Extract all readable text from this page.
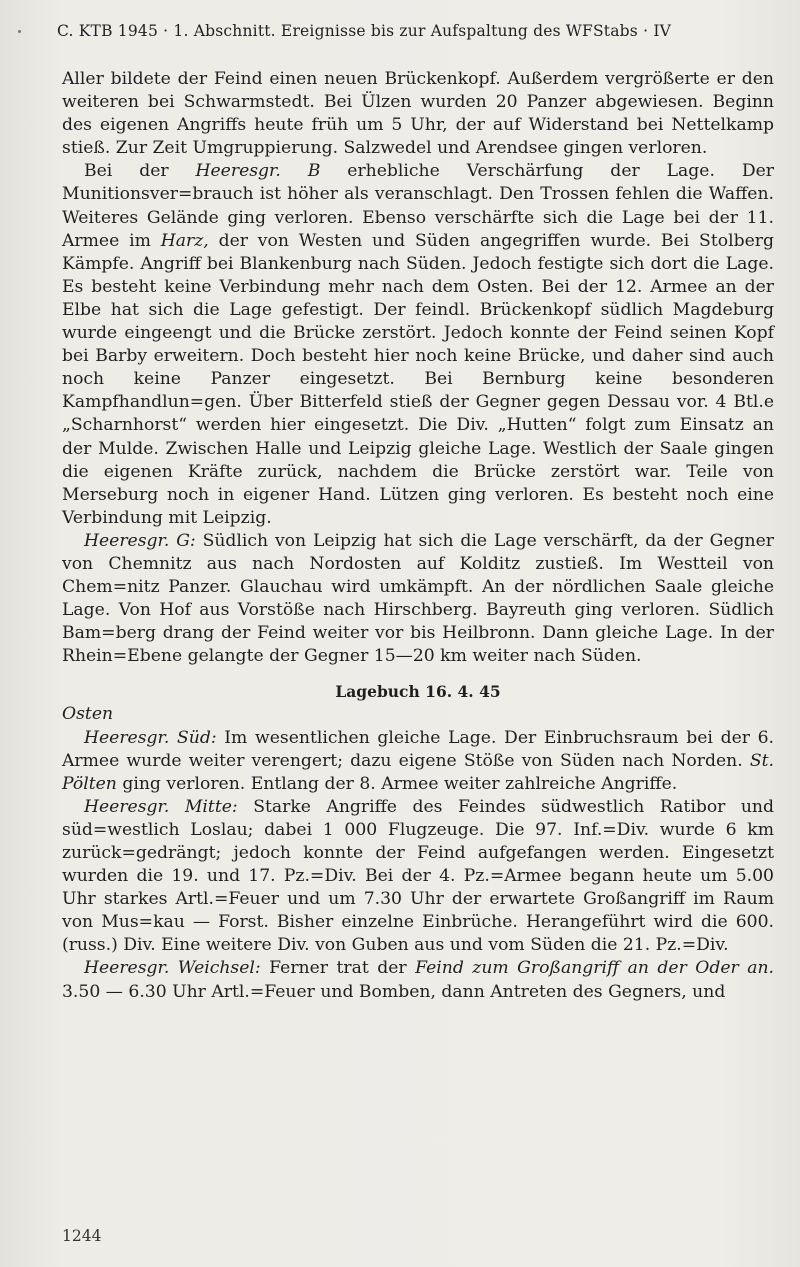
C. KTB 1945 · 1. Abschnitt. Ereignisse bis zur Aufspaltung des WFStabs · IV

Aller bildete der Feind einen neuen Brückenkopf. Außerdem vergrößerte er den weiteren bei Schwarmstedt. Bei Ülzen wurden 20 Panzer abgewiesen. Beginn des eigenen Angriffs heute früh um 5 Uhr, der auf Widerstand bei Nettelkamp stieß. Zur Zeit Umgruppierung. Salzwedel und Arendsee gingen verloren.

Bei der Heeresgr. B erhebliche Verschärfung der Lage. Der Munitionsver=brauch ist höher als veranschlagt. Den Trossen fehlen die Waffen. Weiteres Gelände ging verloren. Ebenso verschärfte sich die Lage bei der 11. Armee im Harz, der von Westen und Süden angegriffen wurde. Bei Stolberg Kämpfe. Angriff bei Blankenburg nach Süden. Jedoch festigte sich dort die Lage. Es besteht keine Verbindung mehr nach dem Osten. Bei der 12. Armee an der Elbe hat sich die Lage gefestigt. Der feindl. Brückenkopf südlich Magdeburg wurde eingeengt und die Brücke zerstört. Jedoch konnte der Feind seinen Kopf bei Barby erweitern. Doch besteht hier noch keine Brücke, und daher sind auch noch keine Panzer eingesetzt. Bei Bernburg keine besonderen Kampfhandlun=gen. Über Bitterfeld stieß der Gegner gegen Dessau vor. 4 Btl.e „Scharnhorst“ werden hier eingesetzt. Die Div. „Hutten“ folgt zum Einsatz an der Mulde. Zwischen Halle und Leipzig gleiche Lage. Westlich der Saale gingen die eigenen Kräfte zurück, nachdem die Brücke zerstört war. Teile von Merseburg noch in eigener Hand. Lützen ging verloren. Es besteht noch eine Verbindung mit Leipzig.

Heeresgr. G: Südlich von Leipzig hat sich die Lage verschärft, da der Gegner von Chemnitz aus nach Nordosten auf Kolditz zustieß. Im Westteil von Chem=nitz Panzer. Glauchau wird umkämpft. An der nördlichen Saale gleiche Lage. Von Hof aus Vorstöße nach Hirschberg. Bayreuth ging verloren. Südlich Bam=berg drang der Feind weiter vor bis Heilbronn. Dann gleiche Lage. In der Rhein=Ebene gelangte der Gegner 15—20 km weiter nach Süden.

Lagebuch 16. 4. 45
Osten

Heeresgr. Süd: Im wesentlichen gleiche Lage. Der Einbruchsraum bei der 6. Armee wurde weiter verengert; dazu eigene Stöße von Süden nach Norden. St. Pölten ging verloren. Entlang der 8. Armee weiter zahlreiche Angriffe.

Heeresgr. Mitte: Starke Angriffe des Feindes südwestlich Ratibor und süd=westlich Loslau; dabei 1 000 Flugzeuge. Die 97. Inf.=Div. wurde 6 km zurück=gedrängt; jedoch konnte der Feind aufgefangen werden. Eingesetzt wurden die 19. und 17. Pz.=Div. Bei der 4. Pz.=Armee begann heute um 5.00 Uhr starkes Artl.=Feuer und um 7.30 Uhr der erwartete Großangriff im Raum von Mus=kau — Forst. Bisher einzelne Einbrüche. Herangeführt wird die 600. (russ.) Div. Eine weitere Div. von Guben aus und vom Süden die 21. Pz.=Div.

Heeresgr. Weichsel: Ferner trat der Feind zum Großangriff an der Oder an. 3.50 — 6.30 Uhr Artl.=Feuer und Bomben, dann Antreten des Gegners, und

1244
